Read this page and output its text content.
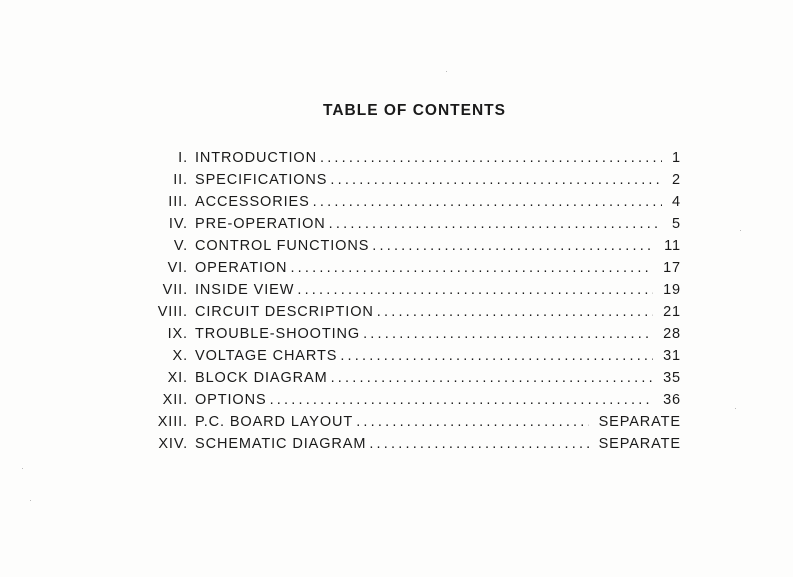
TABLE OF CONTENTS
I. INTRODUCTION .....	1
II. SPECIFICATIONS .....	2
III. ACCESSORIES .....	4
IV. PRE-OPERATION .....	5
V. CONTROL FUNCTIONS .....	11
VI. OPERATION .....	17
VII. INSIDE VIEW .....	19
VIII. CIRCUIT DESCRIPTION .....	21
IX. TROUBLE-SHOOTING .....	28
X. VOLTAGE CHARTS .....	31
XI. BLOCK DIAGRAM .....	35
XII. OPTIONS .....	36
XIII. P.C. BOARD LAYOUT .....	SEPARATE
XIV. SCHEMATIC DIAGRAM .....	SEPARATE
